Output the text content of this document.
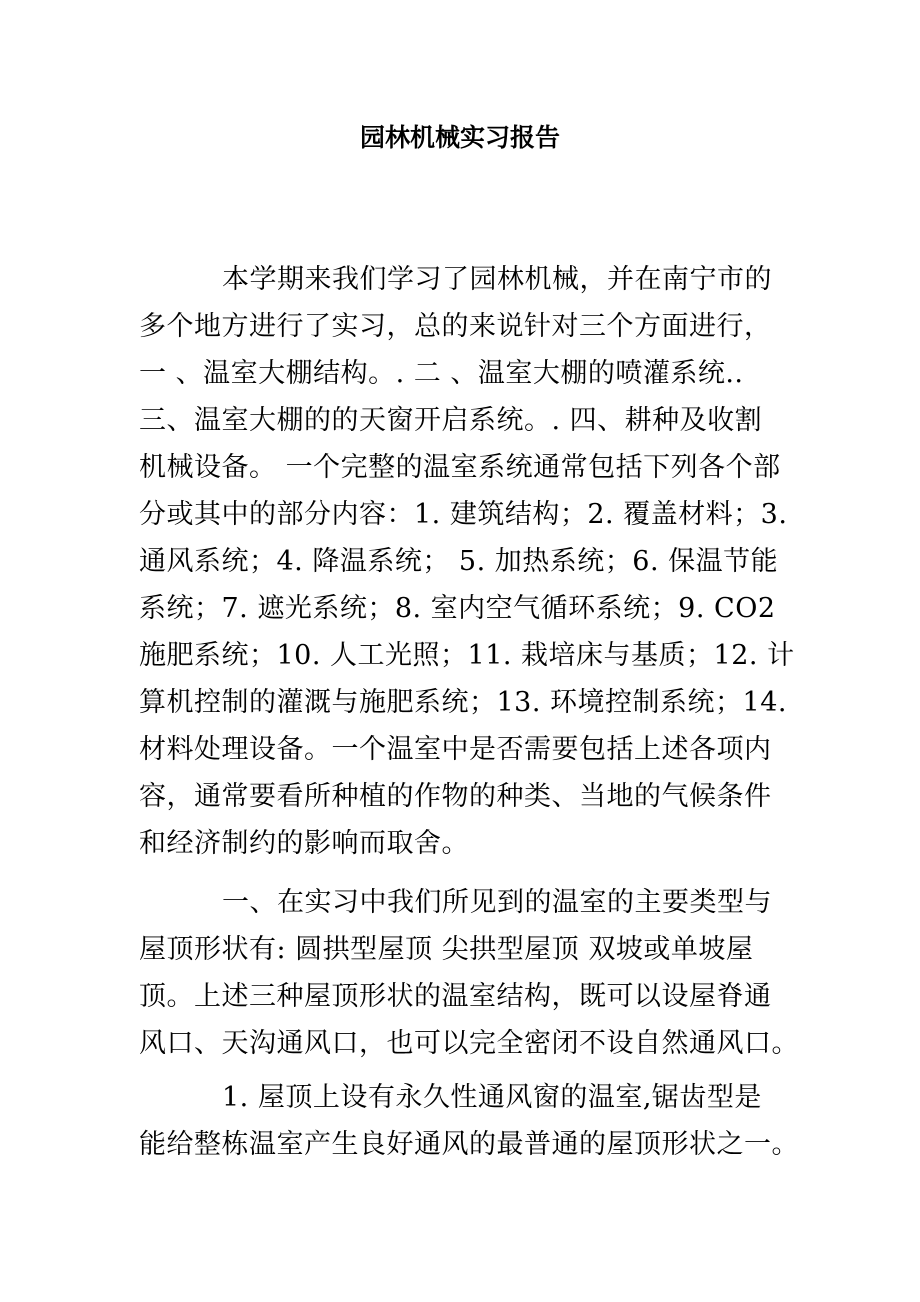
园林机械实习报告
本学期来我们学习了园林机械，并在南宁市的
多个地方进行了实习，总的来说针对三个方面进行，
一 、温室大棚结构。. 二 、温室大棚的喷灌系统..
三、温室大棚的的天窗开启系统。. 四、耕种及收割
机械设备。 一个完整的温室系统通常包括下列各个部
分或其中的部分内容：1. 建筑结构；2. 覆盖材料；3.
通风系统；4. 降温系统； 5. 加热系统；6. 保温节能
系统；7. 遮光系统；8. 室内空气循环系统；9. CO2
施肥系统；10. 人工光照；11. 栽培床与基质；12. 计
算机控制的灌溉与施肥系统；13. 环境控制系统；14.
材料处理设备。一个温室中是否需要包括上述各项内
容，通常要看所种植的作物的种类、当地的气候条件
和经济制约的影响而取舍。
一、在实习中我们所见到的温室的主要类型与
屋顶形状有: 圆拱型屋顶 尖拱型屋顶 双坡或单坡屋
顶。上述三种屋顶形状的温室结构，既可以设屋脊通
风口、天沟通风口，也可以完全密闭不设自然通风口。
1. 屋顶上设有永久性通风窗的温室,锯齿型是
能给整栋温室产生良好通风的最普通的屋顶形状之一。
